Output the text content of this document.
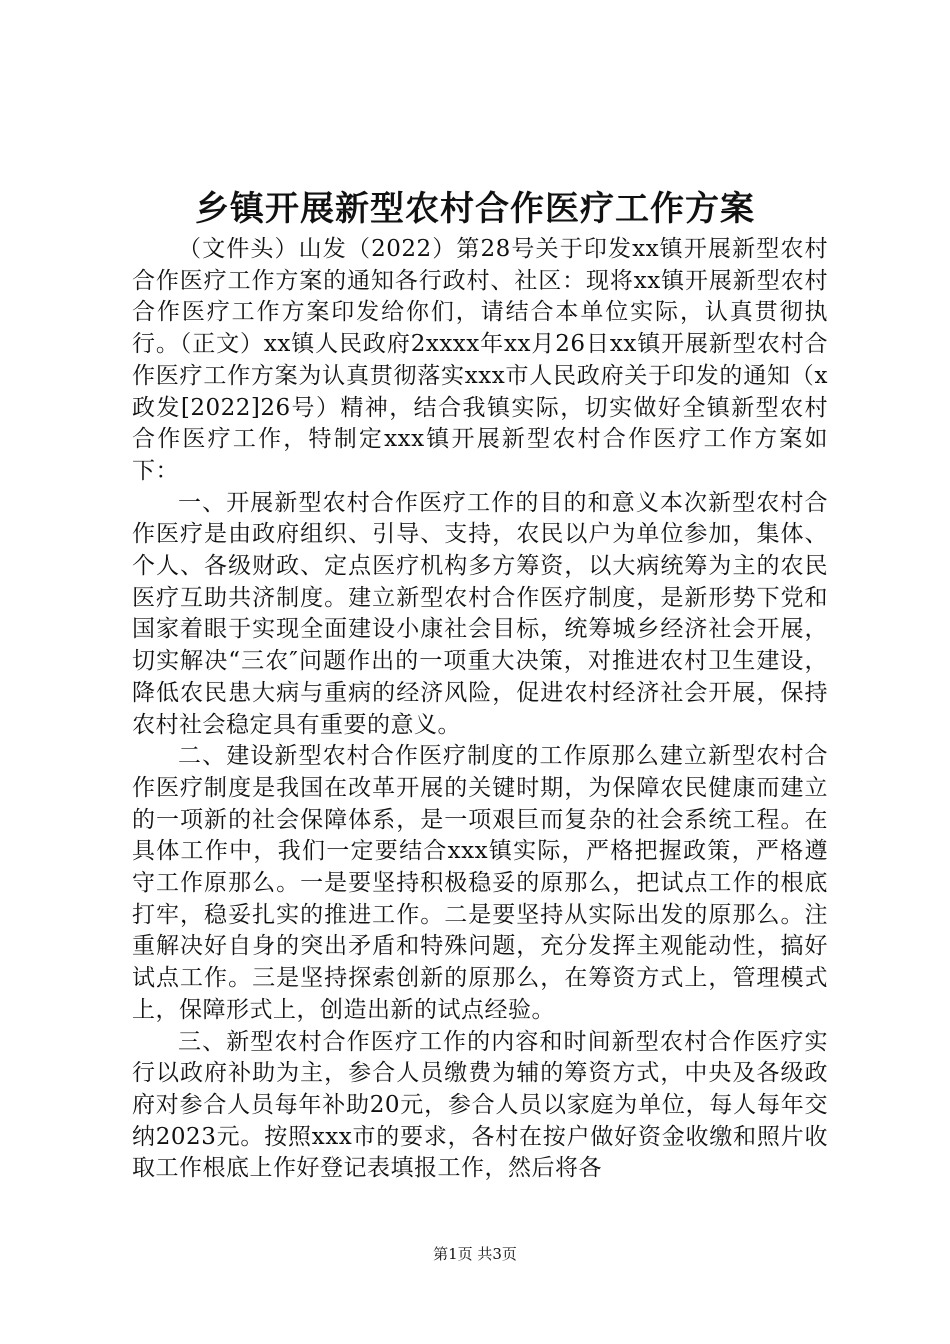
乡镇开展新型农村合作医疗工作方案

（文件头）山发（2022）第28号关于印发xx镇开展新型农村合作医疗工作方案的通知各行政村、社区：现将xx镇开展新型农村合作医疗工作方案印发给你们，请结合本单位实际，认真贯彻执行。（正文）xx镇人民政府2xxxx年xx月26日xx镇开展新型农村合作医疗工作方案为认真贯彻落实xxx市人民政府关于印发的通知（x政发[2022]26号）精神，结合我镇实际，切实做好全镇新型农村合作医疗工作，特制定xxx镇开展新型农村合作医疗工作方案如下：

一、开展新型农村合作医疗工作的目的和意义本次新型农村合作医疗是由政府组织、引导、支持，农民以户为单位参加，集体、个人、各级财政、定点医疗机构多方筹资，以大病统筹为主的农民医疗互助共济制度。建立新型农村合作医疗制度，是新形势下党和国家着眼于实现全面建设小康社会目标，统筹城乡经济社会开展，切实解决“三农″问题作出的一项重大决策，对推进农村卫生建设，降低农民患大病与重病的经济风险，促进农村经济社会开展，保持农村社会稳定具有重要的意义。

二、建设新型农村合作医疗制度的工作原那么建立新型农村合作医疗制度是我国在改革开展的关键时期，为保障农民健康而建立的一项新的社会保障体系，是一项艰巨而复杂的社会系统工程。在具体工作中，我们一定要结合xxx镇实际，严格把握政策，严格遵守工作原那么。一是要坚持积极稳妥的原那么，把试点工作的根底打牢，稳妥扎实的推进工作。二是要坚持从实际出发的原那么。注重解决好自身的突出矛盾和特殊问题，充分发挥主观能动性，搞好试点工作。三是坚持探索创新的原那么，在筹资方式上，管理模式上，保障形式上，创造出新的试点经验。

三、新型农村合作医疗工作的内容和时间新型农村合作医疗实行以政府补助为主，参合人员缴费为辅的筹资方式，中央及各级政府对参合人员每年补助20元，参合人员以家庭为单位，每人每年交纳2023元。按照xxx市的要求，各村在按户做好资金收缴和照片收取工作根底上作好登记表填报工作，然后将各

第1页 共3页
